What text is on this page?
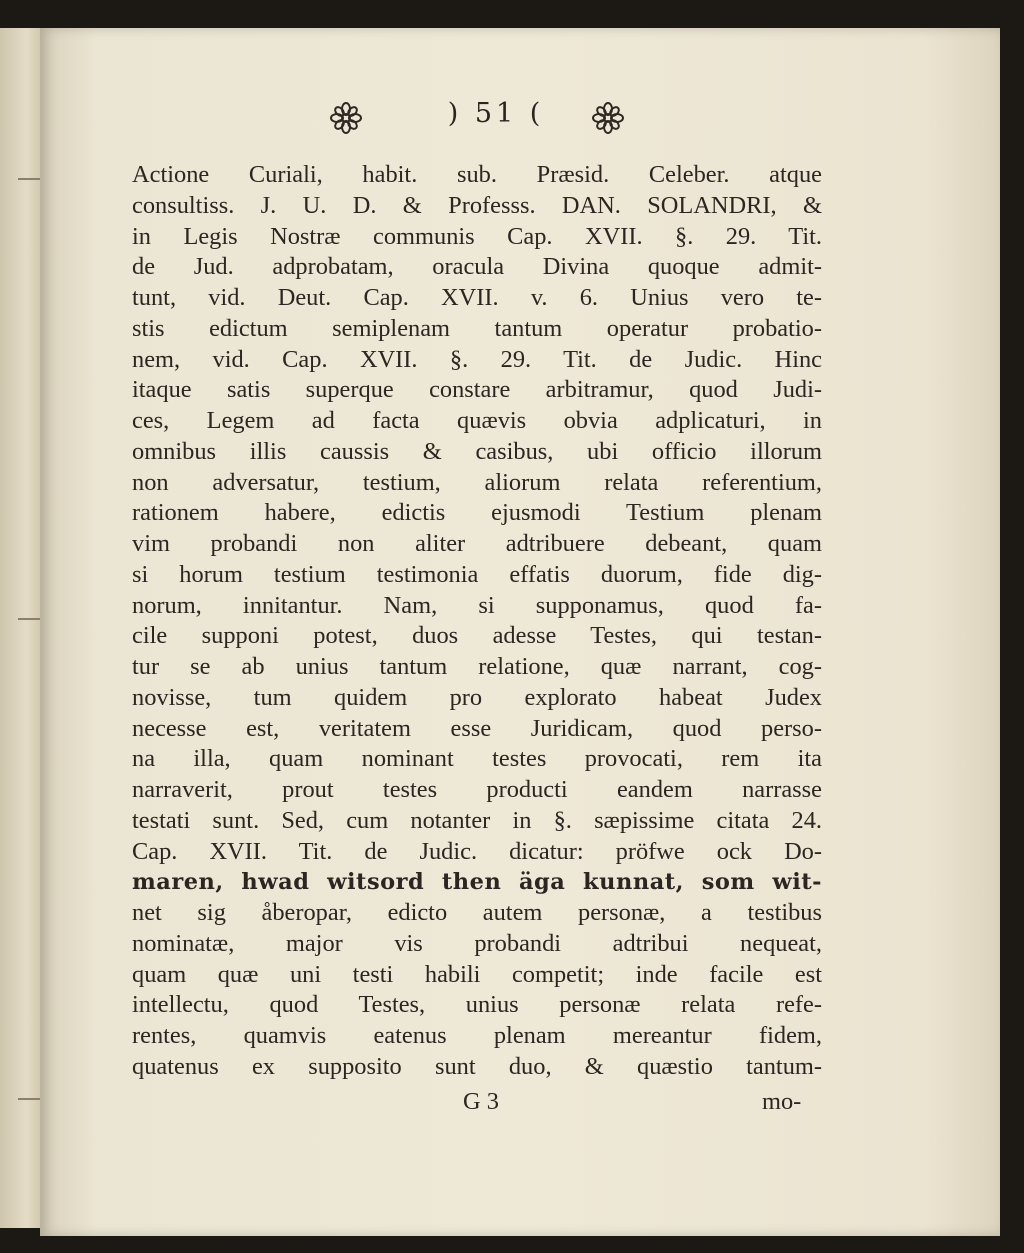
) 51 (
Actione Curiali, habit. sub. Præsid. Celeber. atque
consultiss. J. U. D. & Professs. DAN. SOLANDRI, &
in Legis Nostræ communis Cap. XVII. §. 29. Tit.
de Jud. adprobatam, oracula Divina quoque admit-
tunt, vid. Deut. Cap. XVII. v. 6. Unius vero te-
stis edictum semiplenam tantum operatur probatio-
nem, vid. Cap. XVII. §. 29. Tit. de Judic. Hinc
itaque satis superque constare arbitramur, quod Judi-
ces, Legem ad facta quævis obvia adplicaturi, in
omnibus illis caussis & casibus, ubi officio illorum
non adversatur, testium, aliorum relata referentium,
rationem habere, edictis ejusmodi Testium plenam
vim probandi non aliter adtribuere debeant, quam
si horum testium testimonia effatis duorum, fide dig-
norum, innitantur. Nam, si supponamus, quod fa-
cile supponi potest, duos adesse Testes, qui testan-
tur se ab unius tantum relatione, quæ narrant, cog-
novisse, tum quidem pro explorato habeat Judex
necesse est, veritatem esse Juridicam, quod perso-
na illa, quam nominant testes provocati, rem ita
narraverit, prout testes producti eandem narrasse
testati sunt. Sed, cum notanter in §. sæpissime citata 24.
Cap. XVII. Tit. de Judic. dicatur: pröfwe ock Do-
maren, hwad witsord then äga kunnat, som wit-
net sig åberopar, edicto autem personæ, a testibus
nominatæ, major vis probandi adtribui nequeat,
quam quæ uni testi habili competit; inde facile est
intellectu, quod Testes, unius personæ relata refe-
rentes, quamvis eatenus plenam mereantur fidem,
quatenus ex supposito sunt duo, & quæstio tantum-
G 3	mo-
